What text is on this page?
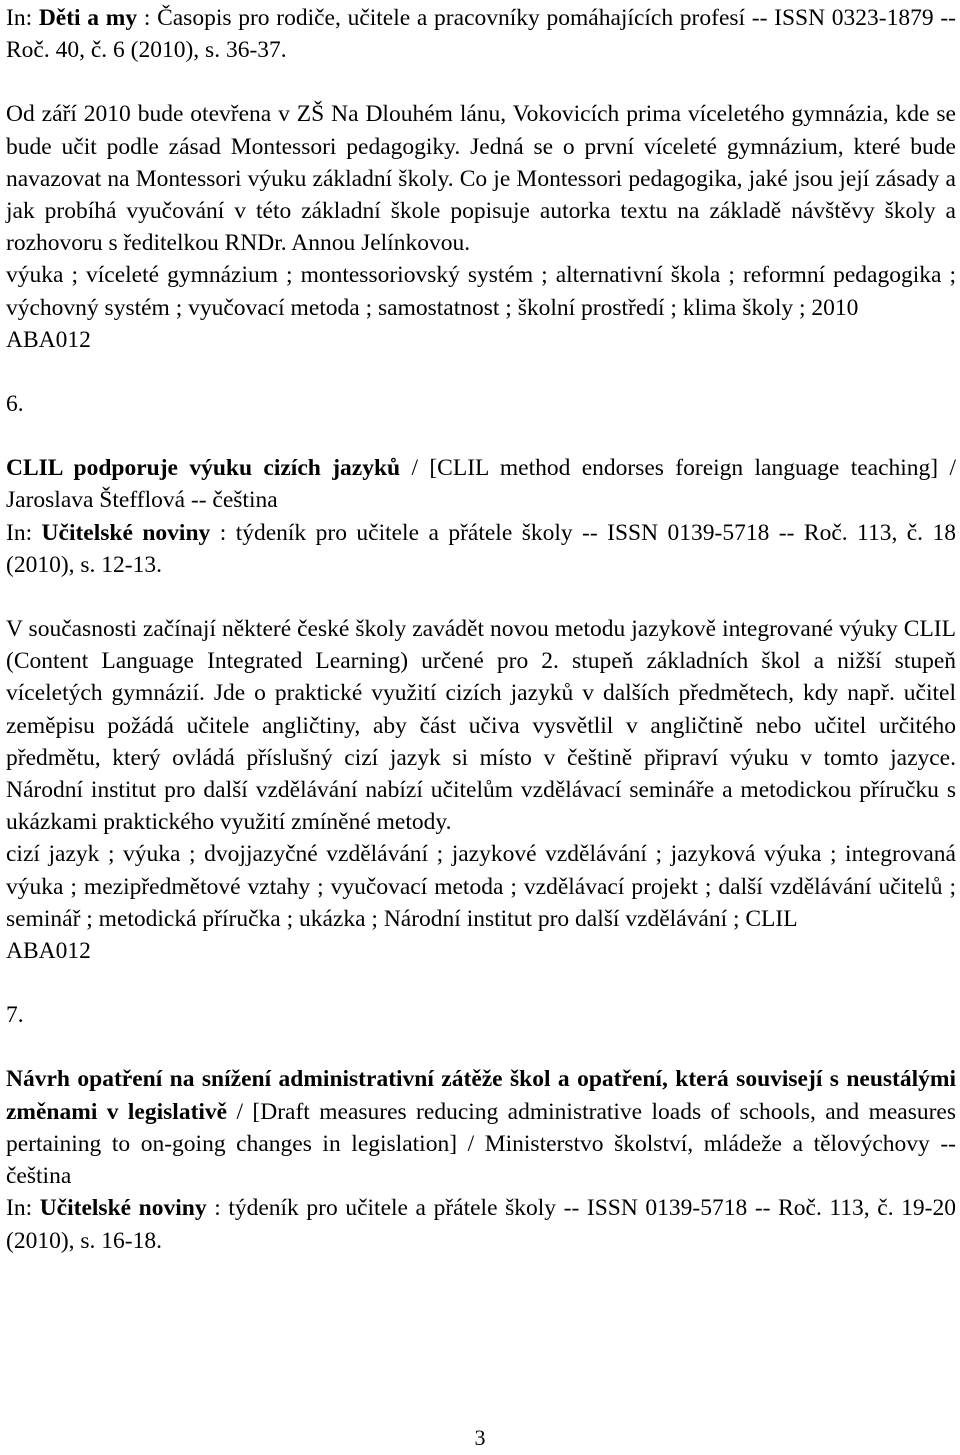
In: Děti a my : Časopis pro rodiče, učitele a pracovníky pomáhajících profesí -- ISSN 0323-1879 -- Roč. 40, č. 6 (2010), s. 36-37.

Od září 2010 bude otevřena v ZŠ Na Dlouhém lánu, Vokovicích prima víceletého gymnázia, kde se bude učit podle zásad Montessori pedagogiky. Jedná se o první víceleté gymnázium, které bude navazovat na Montessori výuku základní školy. Co je Montessori pedagogika, jaké jsou její zásady a jak probíhá vyučování v této základní škole popisuje autorka textu na základě návštěvy školy a rozhovoru s ředitelkou RNDr. Annou Jelínkovou.

výuka ; víceleté gymnázium ; montessoriovský systém ; alternativní škola ; reformní pedagogika ; výchovný systém ; vyučovací metoda ; samostatnost ; školní prostředí ; klima školy ; 2010

ABA012

6.

CLIL podporuje výuku cizích jazyků / [CLIL method endorses foreign language teaching] / Jaroslava Štefflová -- čeština

In: Učitelské noviny : týdeník pro učitele a přátele školy -- ISSN 0139-5718 -- Roč. 113, č. 18 (2010), s. 12-13.

V současnosti začínají některé české školy zavádět novou metodu jazykově integrované výuky CLIL (Content Language Integrated Learning) určené pro 2. stupeň základních škol a nižší stupeň víceletých gymnázií. Jde o praktické využití cizích jazyků v dalších předmětech, kdy např. učitel zeměpisu požádá učitele angličtiny, aby část učiva vysvětlil v angličtině nebo učitel určitého předmětu, který ovládá příslušný cizí jazyk si místo v češtině připraví výuku v tomto jazyce. Národní institut pro další vzdělávání nabízí učitelům vzdělávací semináře a metodickou příručku s ukázkami praktického využití zmíněné metody.

cizí jazyk ; výuka ; dvojjazyčné vzdělávání ; jazykové vzdělávání ; jazyková výuka ; integrovaná výuka ; mezipředmětové vztahy ; vyučovací metoda ; vzdělávací projekt ; další vzdělávání učitelů ; seminář ; metodická příručka ; ukázka ; Národní institut pro další vzdělávání ; CLIL

ABA012

7.

Návrh opatření na snížení administrativní zátěže škol a opatření, která souvisejí s neustálými změnami v legislativě / [Draft measures reducing administrative loads of schools, and measures pertaining to on-going changes in legislation] / Ministerstvo školství, mládeže a tělovýchovy -- čeština

In: Učitelské noviny : týdeník pro učitele a přátele školy -- ISSN 0139-5718 -- Roč. 113, č. 19-20 (2010), s. 16-18.

3
